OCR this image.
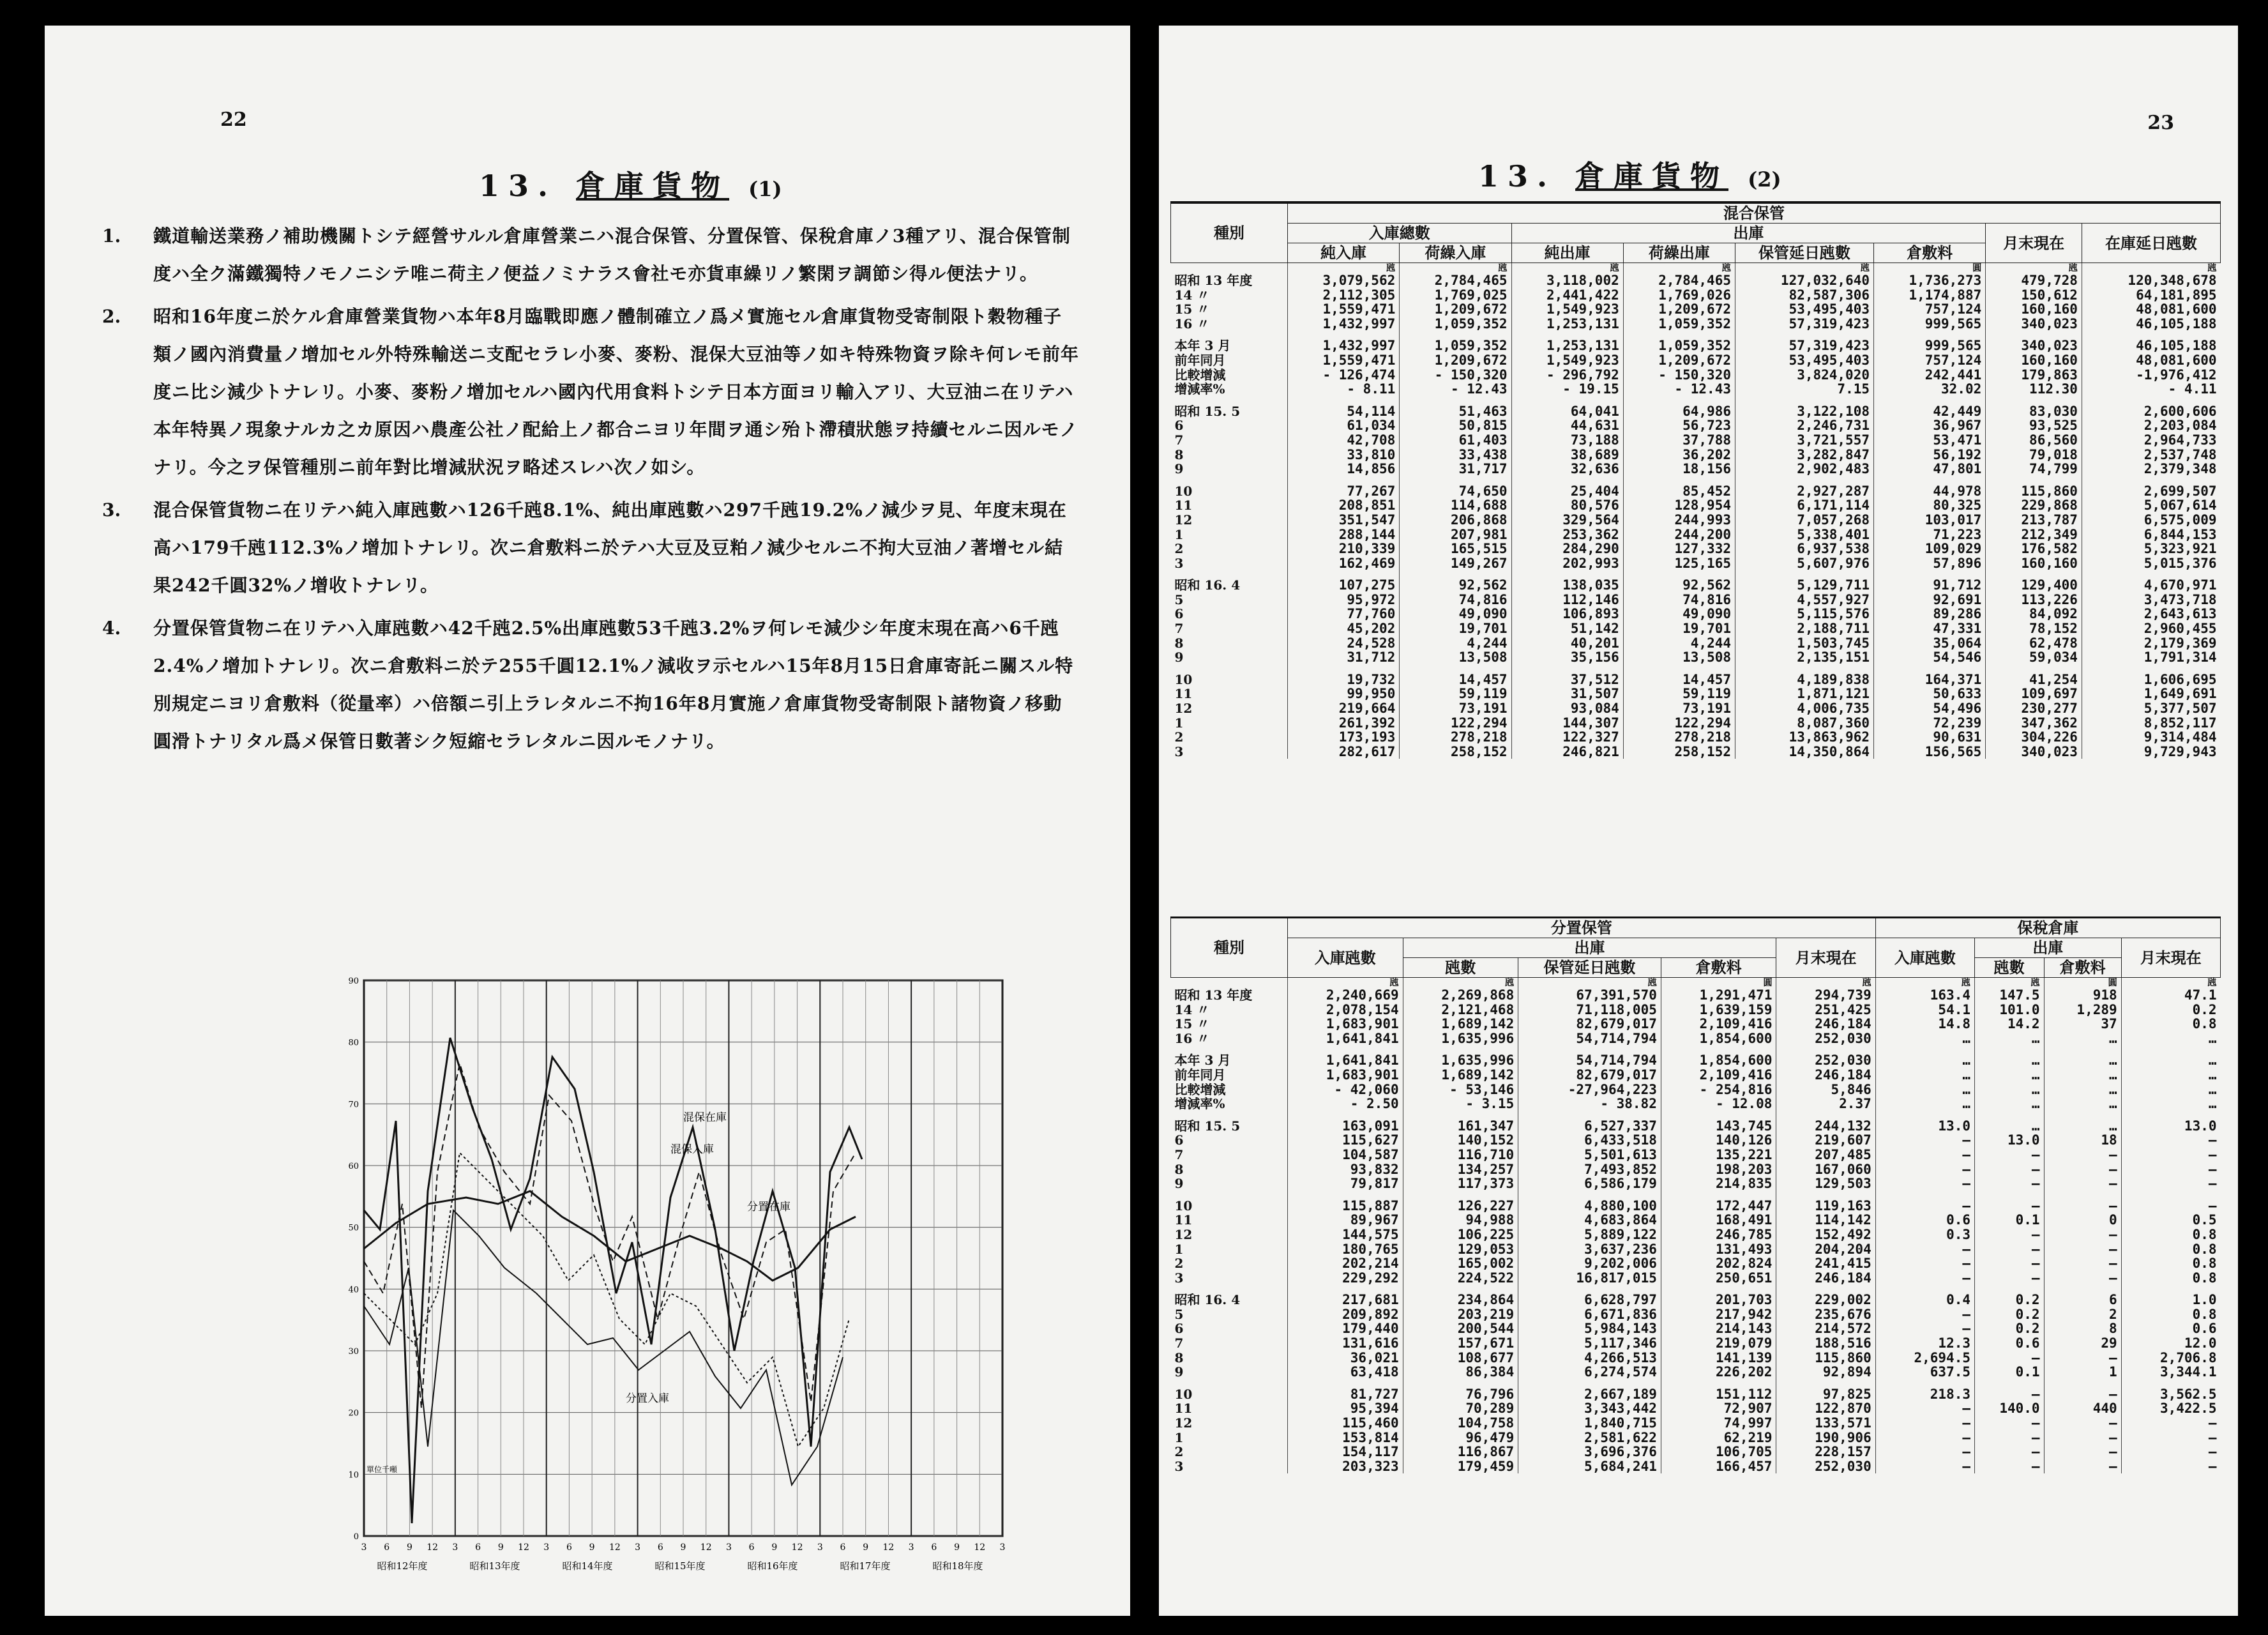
22
13. 倉庫貨物 (1)
1.	鐵道輸送業務ノ補助機關トシテ經營サルル倉庫營業ニハ混合保管、分置保管、保稅倉庫ノ3種アリ、混合保管制度ハ全ク滿鐵獨特ノモノニシテ唯ニ荷主ノ便益ノミナラス會社モ亦貨車繰リノ繁閑ヲ調節シ得ル便法ナリ。
2.	昭和16年度ニ於ケル倉庫營業貨物ハ本年8月臨戰即應ノ體制確立ノ爲メ實施セル倉庫貨物受寄制限ト穀物種子類ノ國內消費量ノ增加セル外特殊輸送ニ支配セラレ小麥、麥粉、混保大豆油等ノ如キ特殊物資ヲ除キ何レモ前年度ニ比シ減少トナレリ。小麥、麥粉ノ增加セルハ國內代用食料トシテ日本方面ヨリ輸入アリ、大豆油ニ在リテハ本年特異ノ現象ナルカ之カ原因ハ農產公社ノ配給上ノ都合ニヨリ年間ヲ通シ殆ト滯積狀態ヲ持續セルニ因ルモノナリ。今之ヲ保管種別ニ前年對比增減狀況ヲ略述スレハ次ノ如シ。
3.	混合保管貨物ニ在リテハ純入庫瓲數ハ126千瓲8.1%、純出庫瓲數ハ297千瓲19.2%ノ減少ヲ見、年度末現在高ハ179千瓲112.3%ノ增加トナレリ。次ニ倉敷料ニ於テハ大豆及豆粕ノ減少セルニ不拘大豆油ノ著增セル結果242千圓32%ノ增收トナレリ。
4.	分置保管貨物ニ在リテハ入庫瓲數ハ42千瓲2.5%出庫瓲數53千瓲3.2%ヲ何レモ減少シ年度末現在高ハ6千瓲2.4%ノ增加トナレリ。次ニ倉敷料ニ於テ255千圓12.1%ノ減收ヲ示セルハ15年8月15日倉庫寄託ニ關スル特別規定ニヨリ倉敷料（從量率）ハ倍額ニ引上ラレタルニ不拘16年8月實施ノ倉庫貨物受寄制限ト諸物資ノ移動圓滑トナリタル爲メ保管日數著シク短縮セラレタルニ因ルモノナリ。
90
80
70
60
50
40
30
20
10
0
3 6 9 12 3 6 9 12 3 6 9 12 3 6 9 12 3 6 9 12 3 6 9 12 3 6 9 12 3
昭和12年度	昭和13年度	昭和14年度	昭和15年度	昭和16年度	昭和17年度	昭和18年度
混保在庫
混保入庫
分置在庫
分置入庫
單位千噸
23
13. 倉庫貨物 (2)
種別	混合保管							
	入庫總數		出庫				月末現在	在庫延日瓲數
	純入庫	荷繰入庫	純出庫	荷繰出庫	保管延日瓲數	倉敷料		
	瓲	瓲	瓲	瓲	瓲	圓	瓲	瓲
昭和 13 年度	3,079,562	2,784,465	3,118,002	2,784,465	127,032,640	1,736,273	479,728	120,348,678
14 〃	2,112,305	1,769,025	2,441,422	1,769,026	82,587,306	1,174,887	150,612	64,181,895
15 〃	1,559,471	1,209,672	1,549,923	1,209,672	53,495,403	757,124	160,160	48,081,600
16 〃	1,432,997	1,059,352	1,253,131	1,059,352	57,319,423	999,565	340,023	46,105,188

本年 3 月	1,432,997	1,059,352	1,253,131	1,059,352	57,319,423	999,565	340,023	46,105,188
前年同月	1,559,471	1,209,672	1,549,923	1,209,672	53,495,403	757,124	160,160	48,081,600
比較增減	- 126,474	- 150,320	- 296,792	- 150,320	3,824,020	242,441	179,863	-1,976,412
增減率%	- 8.11	- 12.43	- 19.15	- 12.43	7.15	32.02	112.30	- 4.11

昭和 15. 5	54,114	51,463	64,041	64,986	3,122,108	42,449	83,030	2,600,606
6	61,034	50,815	44,631	56,723	2,246,731	36,967	93,525	2,203,084
7	42,708	61,403	73,188	37,788	3,721,557	53,471	86,560	2,964,733
8	33,810	33,438	38,689	36,202	3,282,847	56,192	79,018	2,537,748
9	14,856	31,717	32,636	18,156	2,902,483	47,801	74,799	2,379,348

10	77,267	74,650	25,404	85,452	2,927,287	44,978	115,860	2,699,507
11	208,851	114,688	80,576	128,954	6,171,114	80,325	229,868	5,067,614
12	351,547	206,868	329,564	244,993	7,057,268	103,017	213,787	6,575,009
1	288,144	207,981	253,362	244,200	5,338,401	71,223	212,349	6,844,153
2	210,339	165,515	284,290	127,332	6,937,538	109,029	176,582	5,323,921
3	162,469	149,267	202,993	125,165	5,607,976	57,896	160,160	5,015,376

昭和 16. 4	107,275	92,562	138,035	92,562	5,129,711	91,712	129,400	4,670,971
5	95,972	74,816	112,146	74,816	4,557,927	92,691	113,226	3,473,718
6	77,760	49,090	106,893	49,090	5,115,576	89,286	84,092	2,643,613
7	45,202	19,701	51,142	19,701	2,188,711	47,331	78,152	2,960,455
8	24,528	4,244	40,201	4,244	1,503,745	35,064	62,478	2,179,369
9	31,712	13,508	35,156	13,508	2,135,151	54,546	59,034	1,791,314

10	19,732	14,457	37,512	14,457	4,189,838	164,371	41,254	1,606,695
11	99,950	59,119	31,507	59,119	1,871,121	50,633	109,697	1,649,691
12	219,664	73,191	93,084	73,191	4,006,735	54,496	230,277	5,377,507
1	261,392	122,294	144,307	122,294	8,087,360	72,239	347,362	8,852,117
2	173,193	278,218	122,327	278,218	13,863,962	90,631	304,226	9,314,484
3	282,617	258,152	246,821	258,152	14,350,864	156,565	340,023	9,729,943
種別	分置保管					保稅倉庫			
	入庫瓲數	出庫			月末現在	入庫瓲數	出庫		月末現在
		瓲數	保管延日瓲數	倉敷料			瓲數	倉敷料	
	瓲	瓲	瓲	圓	瓲	瓲	瓲	圓	瓲
昭和 13 年度	2,240,669	2,269,868	67,391,570	1,291,471	294,739	163.4	147.5	918	47.1
14 〃	2,078,154	2,121,468	71,118,005	1,639,159	251,425	54.1	101.0	1,289	0.2
15 〃	1,683,901	1,689,142	82,679,017	2,109,416	246,184	14.8	14.2	37	0.8
16 〃	1,641,841	1,635,996	54,714,794	1,854,600	252,030	…	…	…	…

本年 3 月	1,641,841	1,635,996	54,714,794	1,854,600	252,030	…	…	…	…
前年同月	1,683,901	1,689,142	82,679,017	2,109,416	246,184	…	…	…	…
比較增減	- 42,060	- 53,146	-27,964,223	- 254,816	5,846	…	…	…	…
增減率%	- 2.50	- 3.15	- 38.82	- 12.08	2.37	…	…	…	…

昭和 15. 5	163,091	161,347	6,527,337	143,745	244,132	13.0	…	…	13.0
6	115,627	140,152	6,433,518	140,126	219,607	—	13.0	18	—
7	104,587	116,710	5,501,613	135,221	207,485	—	—	—	—
8	93,832	134,257	7,493,852	198,203	167,060	—	—	—	—
9	79,817	117,373	6,586,179	214,835	129,503	—	—	—	—

10	115,887	126,227	4,880,100	172,447	119,163	—	—	—	—
11	89,967	94,988	4,683,864	168,491	114,142	0.6	0.1	0	0.5
12	144,575	106,225	5,889,122	246,785	152,492	0.3	—	—	0.8
1	180,765	129,053	3,637,236	131,493	204,204	—	—	—	0.8
2	202,214	165,002	9,202,006	202,824	241,415	—	—	—	0.8
3	229,292	224,522	16,817,015	250,651	246,184	—	—	—	0.8

昭和 16. 4	217,681	234,864	6,628,797	201,703	229,002	0.4	0.2	6	1.0
5	209,892	203,219	6,671,836	217,942	235,676	—	0.2	2	0.8
6	179,440	200,544	5,984,143	214,143	214,572	—	0.2	8	0.6
7	131,616	157,671	5,117,346	219,079	188,516	12.3	0.6	29	12.0
8	36,021	108,677	4,266,513	141,139	115,860	2,694.5	—	—	2,706.8
9	63,418	86,384	6,274,574	226,202	92,894	637.5	0.1	1	3,344.1

10	81,727	76,796	2,667,189	151,112	97,825	218.3	—	—	3,562.5
11	95,394	70,289	3,343,442	72,907	122,870	—	140.0	440	3,422.5
12	115,460	104,758	1,840,715	74,997	133,571	—	—	—	—
1	153,814	96,479	2,581,622	62,219	190,906	—	—	—	—
2	154,117	116,867	3,696,376	106,705	228,157	—	—	—	—
3	203,323	179,459	5,684,241	166,457	252,030	—	—	—	—
